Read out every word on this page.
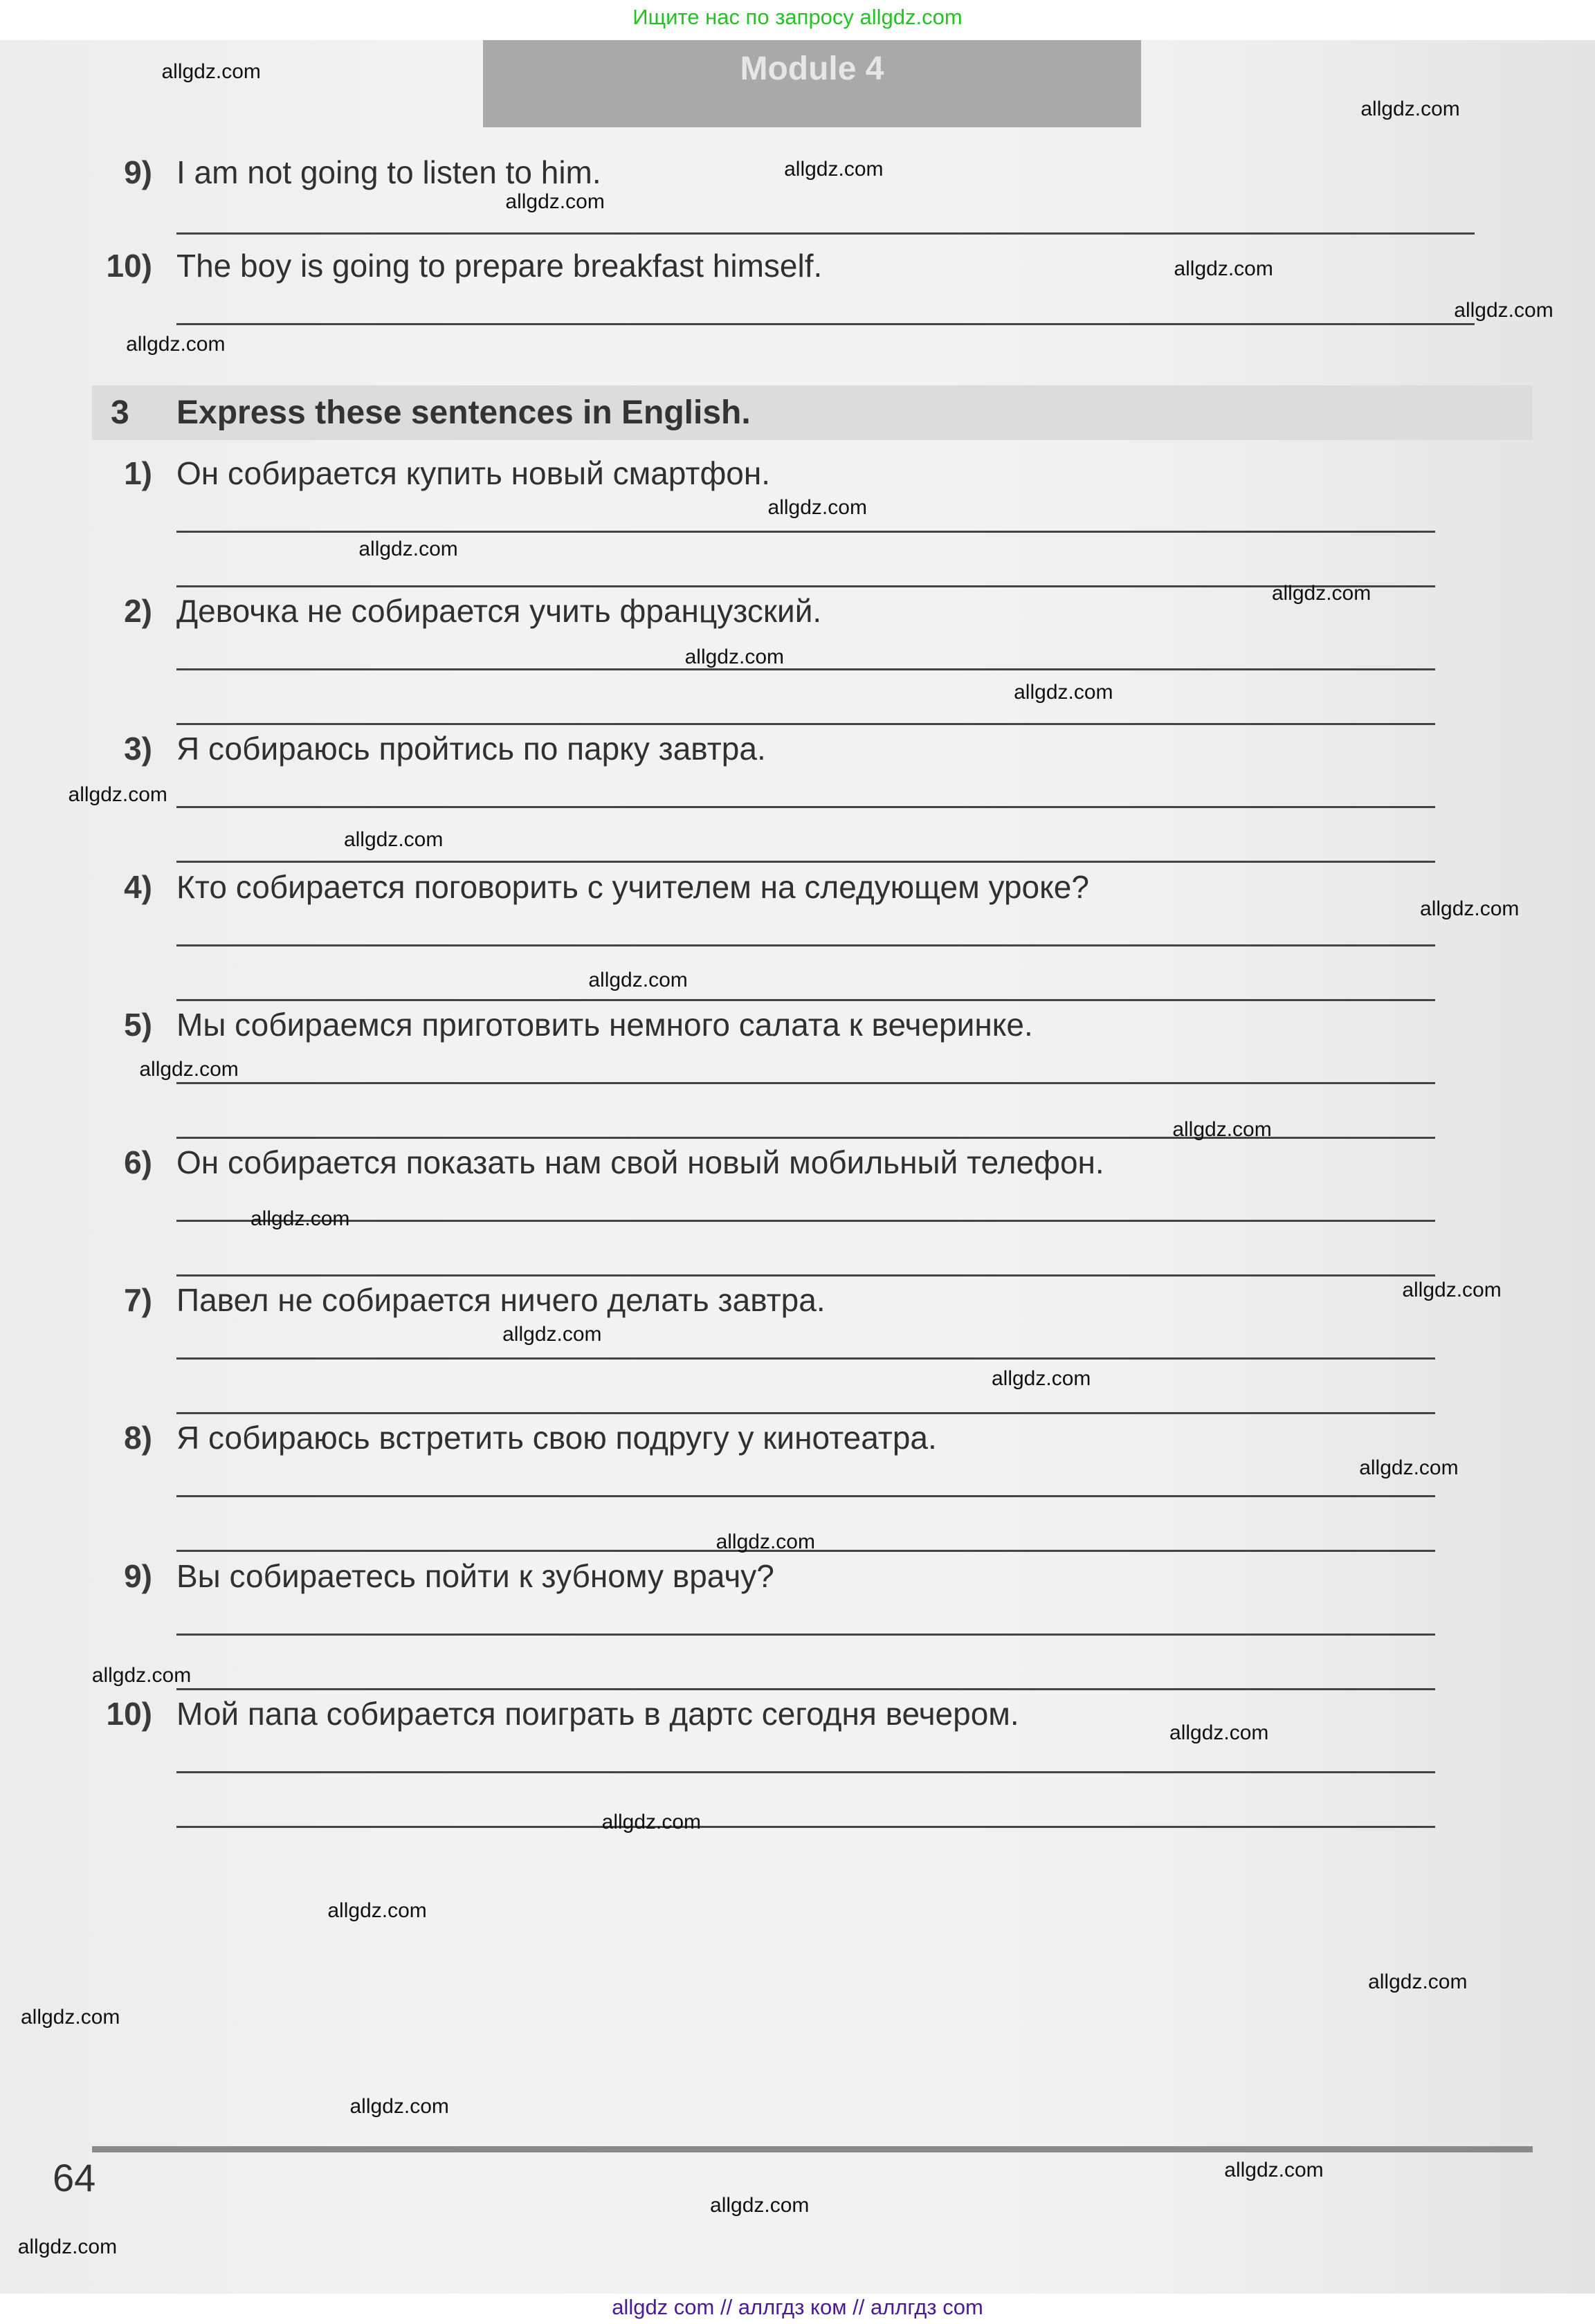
Ищите нас по запросу allgdz.com
Module 4
3 Express these sentences in English.
64
allgdz com // аллгдз ком // аллгдз com
9) I am not going to listen to him.
10) The boy is going to prepare breakfast himself.
1) Он собирается купить новый смартфон.
2) Девочка не собирается учить французский.
3) Я собираюсь пройтись по парку завтра.
4) Кто собирается поговорить с учителем на следующем уроке?
5) Мы собираемся приготовить немного салата к вечеринке.
6) Он собирается показать нам свой новый мобильный телефон.
7) Павел не собирается ничего делать завтра.
8) Я собираюсь встретить свою подругу у кинотеатра.
9) Вы собираетесь пойти к зубному врачу?
10) Мой папа собирается поиграть в дартс сегодня вечером.
allgdz.com
allgdz.com
allgdz.com
allgdz.com
allgdz.com
allgdz.com
allgdz.com
allgdz.com
allgdz.com
allgdz.com
allgdz.com
allgdz.com
allgdz.com
allgdz.com
allgdz.com
allgdz.com
allgdz.com
allgdz.com
allgdz.com
allgdz.com
allgdz.com
allgdz.com
allgdz.com
allgdz.com
allgdz.com
allgdz.com
allgdz.com
allgdz.com
allgdz.com
allgdz.com
allgdz.com
allgdz.com
allgdz.com
allgdz.com
